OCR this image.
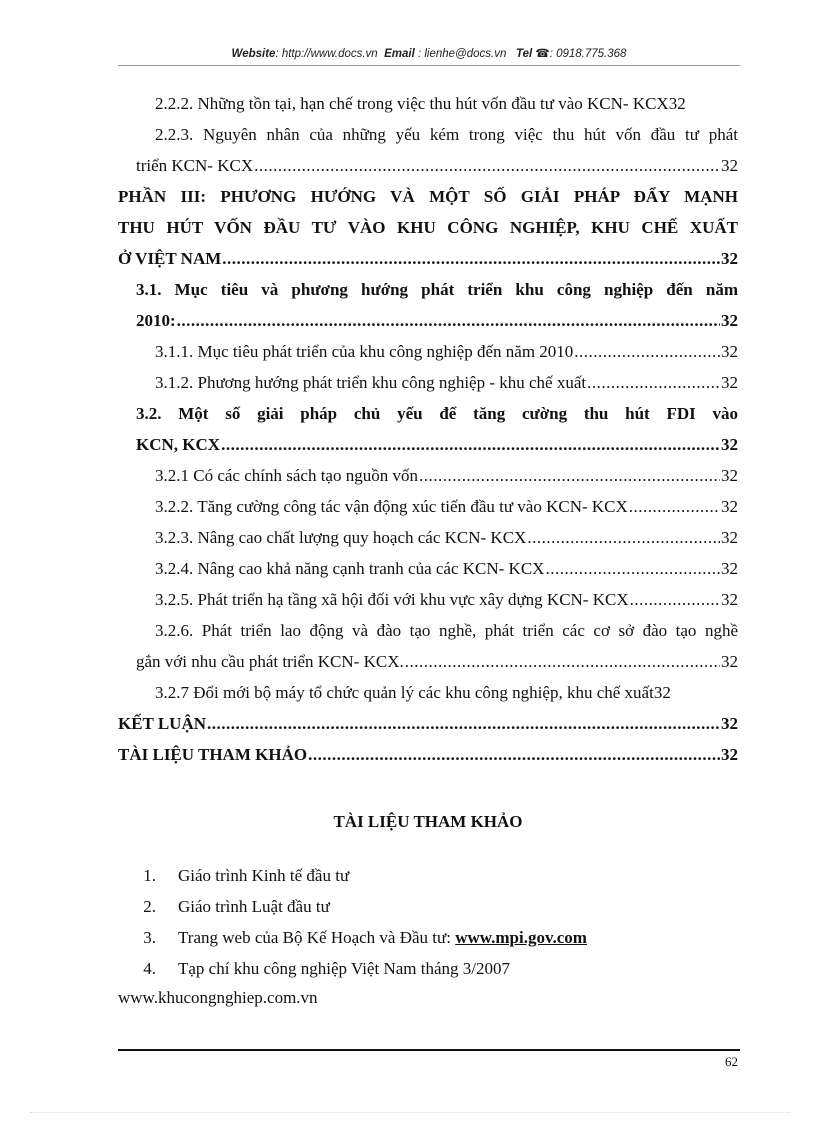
Website: http://www.docs.vn Email : lienhe@docs.vn Tel ☎: 0918.775.368
2.2.2. Những tồn tại, hạn chế trong việc thu hút vốn đầu tư vào KCN- KCX 32
2.2.3. Nguyên nhân của những yếu kém trong việc thu hút vốn đầu tư phát
triển KCN- KCX .....	32
PHẦN III: PHƯƠNG HƯỚNG VÀ MỘT SỐ GIẢI PHÁP ĐẨY MẠNH
THU HÚT VỐN ĐẦU TƯ VÀO KHU CÔNG NGHIỆP, KHU CHẾ XUẤT
Ở VIỆT NAM .....	32
3.1. Mục tiêu và phương hướng phát triển khu công nghiệp đến năm
2010: .....	32
3.1.1. Mục tiêu phát triển của khu công nghiệp đến năm 2010 .....	32
3.1.2. Phương hướng phát triển khu công nghiệp - khu chế xuất .....	32
3.2. Một số giải pháp chủ yếu để tăng cường thu hút FDI vào
KCN, KCX .....	32
3.2.1 Có các chính sách tạo nguồn vốn .....	32
3.2.2. Tăng cường công tác vận động xúc tiến đầu tư vào KCN- KCX .....	32
3.2.3. Nâng cao chất lượng quy hoạch các KCN- KCX .....	32
3.2.4. Nâng cao khả năng cạnh tranh của các KCN- KCX .....	32
3.2.5. Phát triển hạ tầng xã hội đối với khu vực xây dựng KCN- KCX .....	32
3.2.6. Phát triển lao động và đào tạo nghề, phát triển các cơ sở đào tạo nghề
gắn với nhu cầu phát triển KCN- KCX. .....	32
3.2.7 Đổi mới bộ máy tổ chức quản lý các khu công nghiệp, khu chế xuất 32
KẾT LUẬN .....	32
TÀI LIỆU THAM KHẢO .....	32
TÀI LIỆU THAM KHẢO
1.	Giáo trình Kinh tế đầu tư
2.	Giáo trình Luật đầu tư
3.	Trang web của Bộ Kế Hoạch và Đầu tư: www.mpi.gov.com
4.	Tạp chí khu công nghiệp Việt Nam tháng 3/2007
www.khucongnghiep.com.vn
62
